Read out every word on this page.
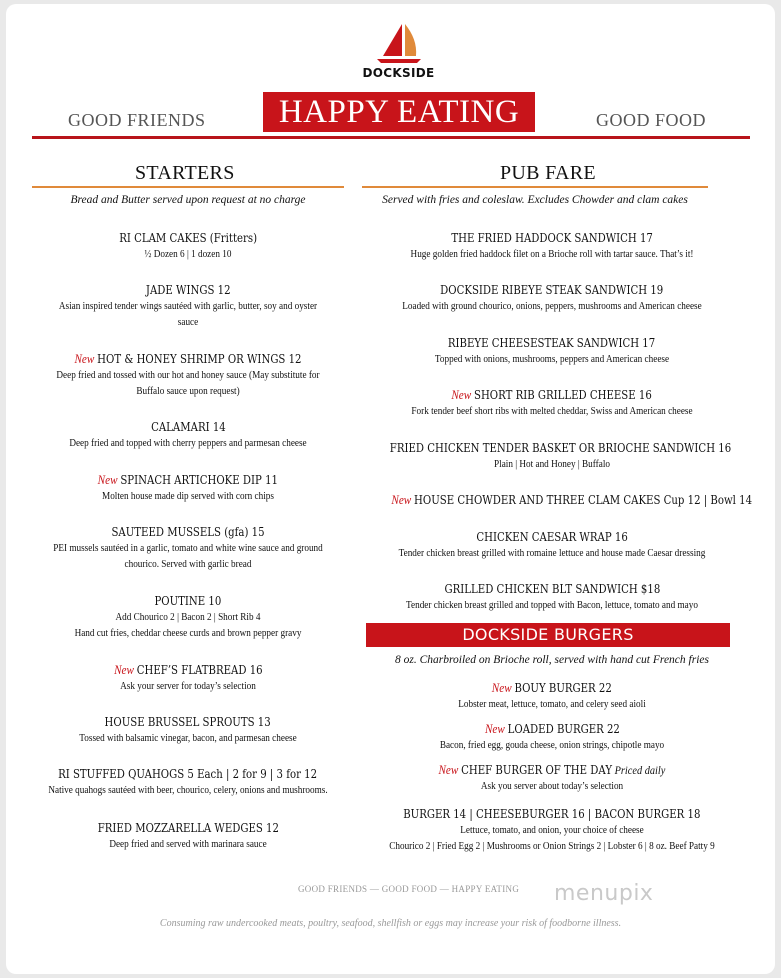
DOCKSIDE
GOOD FRIENDS	HAPPY EATING	GOOD FOOD
STARTERS
Bread and Butter served upon request at no charge
RI CLAM CAKES (Fritters)
½ Dozen 6 | 1 dozen 10
JADE WINGS 12
Asian inspired tender wings sautéed with garlic, butter, soy and oyster
sauce
New HOT & HONEY SHRIMP OR WINGS 12
Deep fried and tossed with our hot and honey sauce (May substitute for
Buffalo sauce upon request)
CALAMARI 14
Deep fried and topped with cherry peppers and parmesan cheese
New SPINACH ARTICHOKE DIP 11
Molten house made dip served with corn chips
SAUTEED MUSSELS (gfa) 15
PEI mussels sautéed in a garlic, tomato and white wine sauce and ground
chourico. Served with garlic bread
POUTINE 10
Add Chourico 2 | Bacon 2 | Short Rib 4
Hand cut fries, cheddar cheese curds and brown pepper gravy
New CHEF’S FLATBREAD 16
Ask your server for today’s selection
HOUSE BRUSSEL SPROUTS 13
Tossed with balsamic vinegar, bacon, and parmesan cheese
RI STUFFED QUAHOGS 5 Each | 2 for 9 | 3 for 12
Native quahogs sautéed with beer, chourico, celery, onions and mushrooms.
FRIED MOZZARELLA WEDGES 12
Deep fried and served with marinara sauce
PUB FARE
Served with fries and coleslaw. Excludes Chowder and clam cakes
THE FRIED HADDOCK SANDWICH 17
Huge golden fried haddock filet on a Brioche roll with tartar sauce. That’s it!
DOCKSIDE RIBEYE STEAK SANDWICH 19
Loaded with ground chourico, onions, peppers, mushrooms and American cheese
RIBEYE CHEESESTEAK SANDWICH 17
Topped with onions, mushrooms, peppers and American cheese
New SHORT RIB GRILLED CHEESE 16
Fork tender beef short ribs with melted cheddar, Swiss and American cheese
FRIED CHICKEN TENDER BASKET OR BRIOCHE SANDWICH 16
Plain | Hot and Honey | Buffalo
New HOUSE CHOWDER AND THREE CLAM CAKES Cup 12 | Bowl 14
CHICKEN CAESAR WRAP 16
Tender chicken breast grilled with romaine lettuce and house made Caesar dressing
GRILLED CHICKEN BLT SANDWICH $18
Tender chicken breast grilled and topped with Bacon, lettuce, tomato and mayo
DOCKSIDE BURGERS
8 oz. Charbroiled on Brioche roll, served with hand cut French fries
New BOUY BURGER 22
Lobster meat, lettuce, tomato, and celery seed aioli
New LOADED BURGER 22
Bacon, fried egg, gouda cheese, onion strings, chipotle mayo
New CHEF BURGER OF THE DAY Priced daily
Ask you server about today’s selection
BURGER 14 | CHEESEBURGER 16 | BACON BURGER 18
Lettuce, tomato, and onion, your choice of cheese
Chourico 2 | Fried Egg 2 | Mushrooms or Onion Strings 2 | Lobster 6 | 8 oz. Beef Patty 9
GOOD FRIENDS — GOOD FOOD — HAPPY EATING menupix
Consuming raw undercooked meats, poultry, seafood, shellfish or eggs may increase your risk of foodborne illness.
